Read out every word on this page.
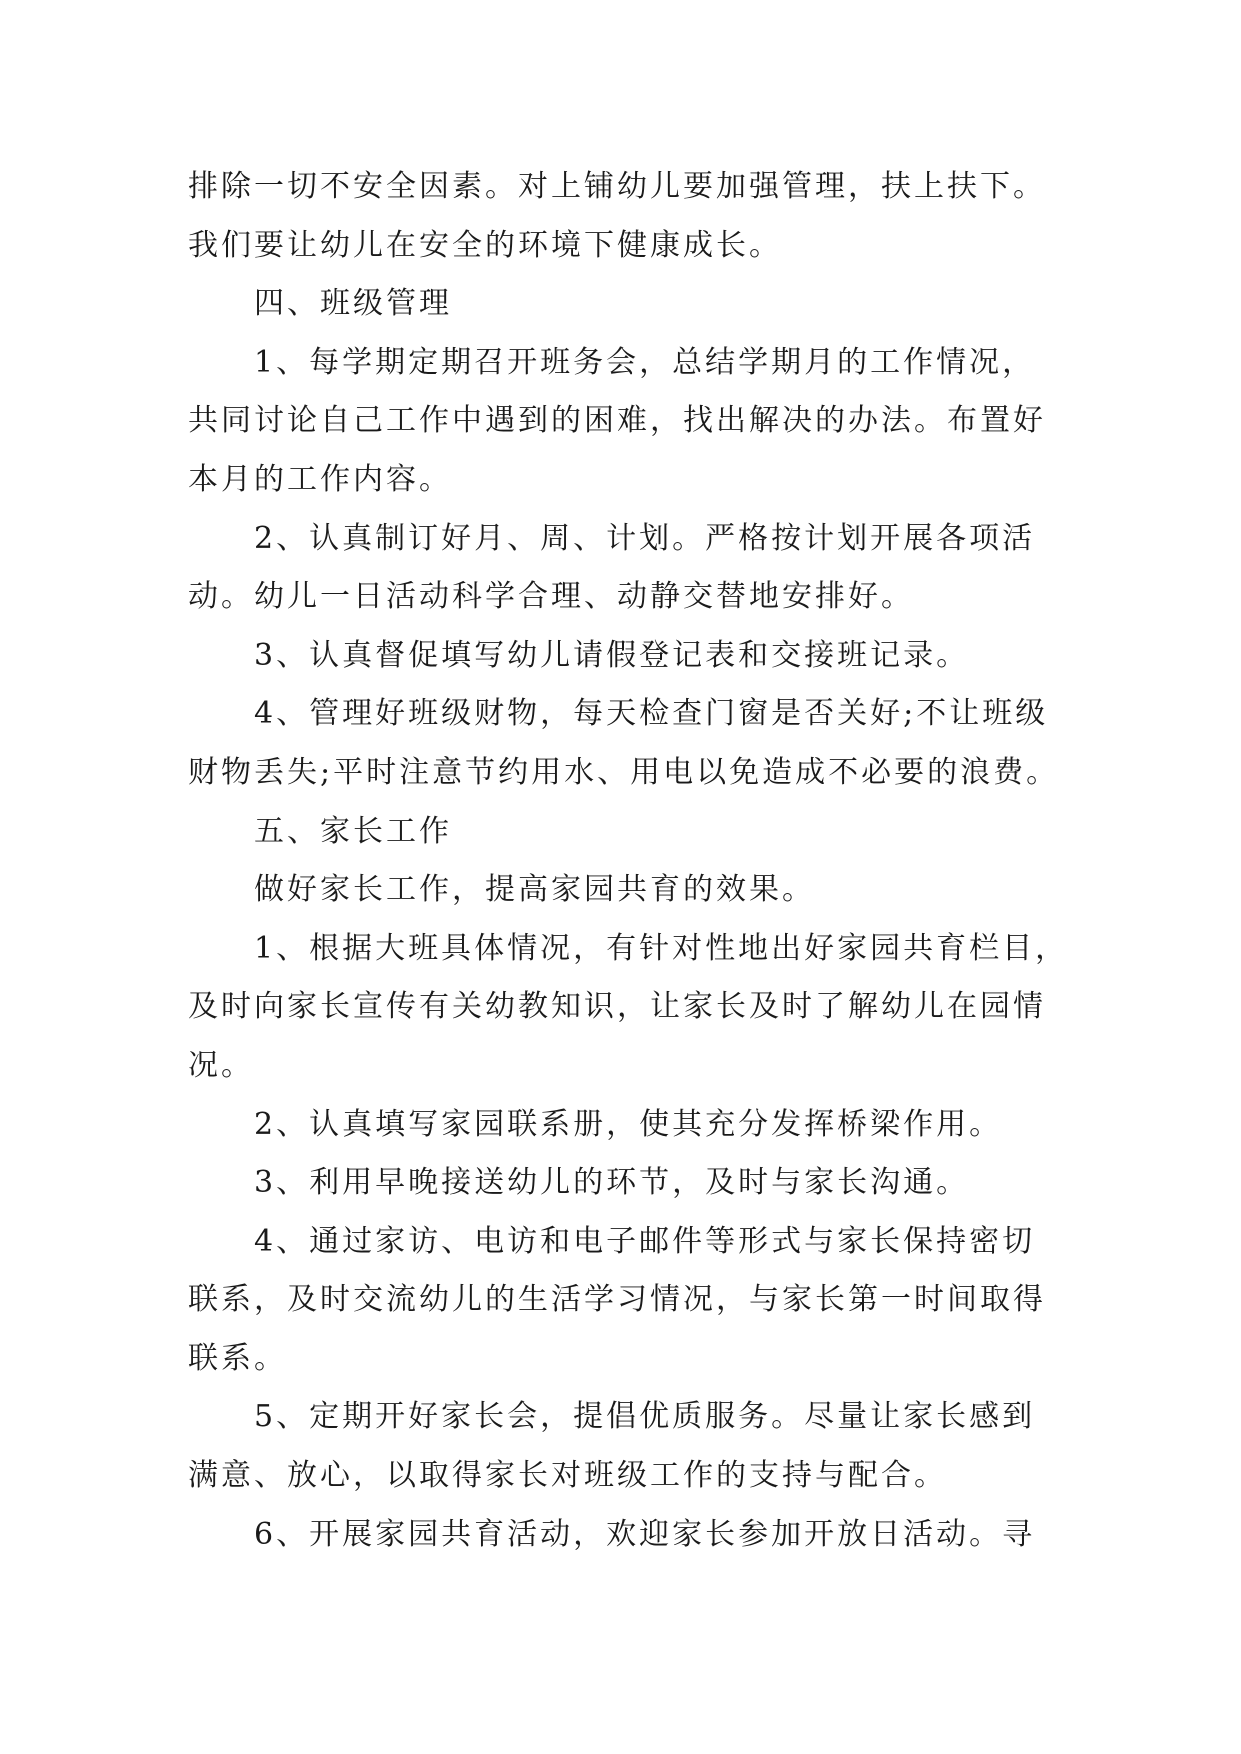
排除一切不安全因素。对上铺幼儿要加强管理，扶上扶下。
我们要让幼儿在安全的环境下健康成长。
四、班级管理
1、每学期定期召开班务会，总结学期月的工作情况，
共同讨论自己工作中遇到的困难，找出解决的办法。布置好
本月的工作内容。
2、认真制订好月、周、计划。严格按计划开展各项活
动。幼儿一日活动科学合理、动静交替地安排好。
3、认真督促填写幼儿请假登记表和交接班记录。
4、管理好班级财物，每天检查门窗是否关好;不让班级
财物丢失;平时注意节约用水、用电以免造成不必要的浪费。
五、家长工作
做好家长工作，提高家园共育的效果。
1、根据大班具体情况，有针对性地出好家园共育栏目，
及时向家长宣传有关幼教知识，让家长及时了解幼儿在园情
况。
2、认真填写家园联系册，使其充分发挥桥梁作用。
3、利用早晚接送幼儿的环节，及时与家长沟通。
4、通过家访、电访和电子邮件等形式与家长保持密切
联系，及时交流幼儿的生活学习情况，与家长第一时间取得
联系。
5、定期开好家长会，提倡优质服务。尽量让家长感到
满意、放心，以取得家长对班级工作的支持与配合。
6、开展家园共育活动，欢迎家长参加开放日活动。寻
